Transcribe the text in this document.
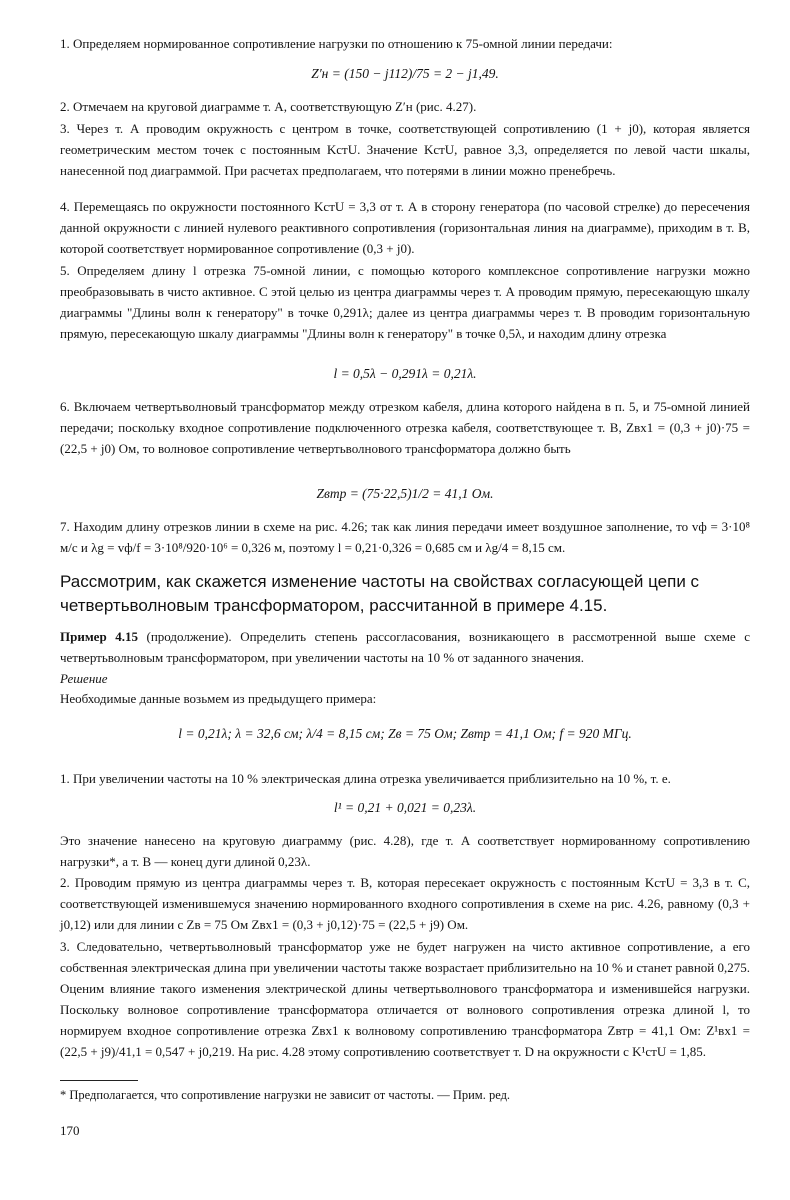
1. Определяем нормированное сопротивление нагрузки по отношению к 75-омной линии передачи:

Z′н = (150 − j112)/75 = 2 − j1,49.

2. Отмечаем на круговой диаграмме т. А, соответствующую Z′н (рис. 4.27).

3. Через т. А проводим окружность с центром в точке, соответствующей сопротивлению (1 + j0), которая является геометрическим местом точек с постоянным KстU. Значение KстU, равное 3,3, определяется по левой части шкалы, нанесенной под диаграммой. При расчетах предполагаем, что потерями в линии можно пренебречь.

4. Перемещаясь по окружности постоянного KстU = 3,3 от т. А в сторону генератора (по часовой стрелке) до пересечения данной окружности с линией нулевого реактивного сопротивления (горизонтальная линия на диаграмме), приходим в т. В, которой соответствует нормированное сопротивление (0,3 + j0).

5. Определяем длину l отрезка 75-омной линии, с помощью которого комплексное сопротивление нагрузки можно преобразовывать в чисто активное. С этой целью из центра диаграммы через т. А проводим прямую, пересекающую шкалу диаграммы "Длины волн к генератору" в точке 0,291λ; далее из центра диаграммы через т. В проводим горизонтальную прямую, пересекающую шкалу диаграммы "Длины волн к генератору" в точке 0,5λ, и находим длину отрезка

l = 0,5λ − 0,291λ = 0,21λ.

6. Включаем четвертьволновый трансформатор между отрезком кабеля, длина которого найдена в п. 5, и 75-омной линией передачи; поскольку входное сопротивление подключенного отрезка кабеля, соответствующее т. В, Zвх1 = (0,3 + j0)·75 = (22,5 + j0) Ом, то волновое сопротивление четвертьволнового трансформатора должно быть

Zвтр = (75·22,5)1/2 = 41,1 Ом.

7. Находим длину отрезков линии в схеме на рис. 4.26; так как линия передачи имеет воздушное заполнение, то vф = 3·10⁸ м/с и λg = vф/f = 3·10⁸/920·10⁶ = 0,326 м, поэтому l = 0,21·0,326 = 0,685 см и λg/4 = 8,15 см.

Рассмотрим, как скажется изменение частоты на свойствах согласующей цепи с четвертьволновым трансформатором, рассчитанной в примере 4.15.

Пример 4.15 (продолжение). Определить степень рассогласования, возникающего в рассмотренной выше схеме с четвертьволновым трансформатором, при увеличении частоты на 10 % от заданного значения.

Решение

Необходимые данные возьмем из предыдущего примера:

l = 0,21λ; λ = 32,6 см; λ/4 = 8,15 см; Zв = 75 Ом; Zвтр = 41,1 Ом; f = 920 МГц.

1. При увеличении частоты на 10 % электрическая длина отрезка увеличивается приблизительно на 10 %, т. е.

l¹ = 0,21 + 0,021 = 0,23λ.

Это значение нанесено на круговую диаграмму (рис. 4.28), где т. А соответствует нормированному сопротивлению нагрузки*, а т. В — конец дуги длиной 0,23λ.

2. Проводим прямую из центра диаграммы через т. В, которая пересекает окружность с постоянным KстU = 3,3 в т. С, соответствующей изменившемуся значению нормированного входного сопротивления в схеме на рис. 4.26, равному (0,3 + j0,12) или для линии с Zв = 75 Ом Zвх1 = (0,3 + j0,12)·75 = (22,5 + j9) Ом.

3. Следовательно, четвертьволновый трансформатор уже не будет нагружен на чисто активное сопротивление, а его собственная электрическая длина при увеличении частоты также возрастает приблизительно на 10 % и станет равной 0,275. Оценим влияние такого изменения электрической длины четвертьволнового трансформатора и изменившейся нагрузки. Поскольку волновое сопротивление трансформатора отличается от волнового сопротивления отрезка длиной l, то нормируем входное сопротивление отрезка Zвх1 к волновому сопротивлению трансформатора Zвтр = 41,1 Ом: Z¹вх1 = (22,5 + j9)/41,1 = 0,547 + j0,219. На рис. 4.28 этому сопротивлению соответствует т. D на окружности с K¹стU = 1,85.

* Предполагается, что сопротивление нагрузки не зависит от частоты. — Прим. ред.

170
